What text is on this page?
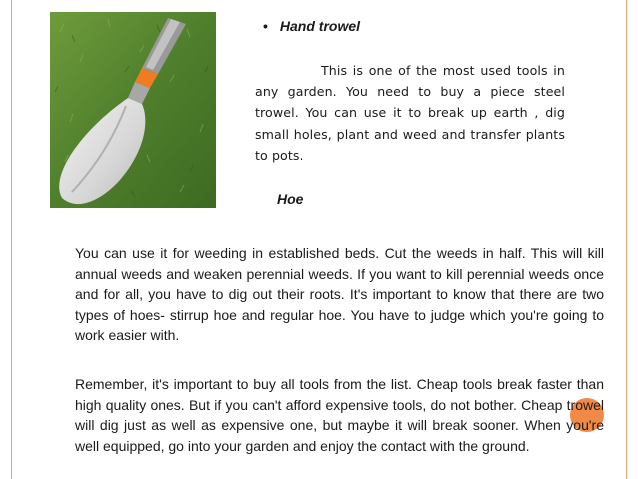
• Hand trowel
This is one of the most used tools in any garden. You need to buy a piece steel trowel. You can use it to break up earth , dig small holes, plant and weed and transfer plants to pots.
Hoe
You can use it for weeding in established beds. Cut the weeds in half. This will kill annual weeds and weaken perennial weeds. If you want to kill perennial weeds once and for all, you have to dig out their roots. It's important to know that there are two types of hoes- stirrup hoe and regular hoe. You have to judge which you're going to work easier with.
Remember, it's important to buy all tools from the list. Cheap tools break faster than high quality ones. But if you can't afford expensive tools, do not bother. Cheap trowel will dig just as well as expensive one, but maybe it will break sooner. When you're well equipped, go into your garden and enjoy the contact with the ground.
